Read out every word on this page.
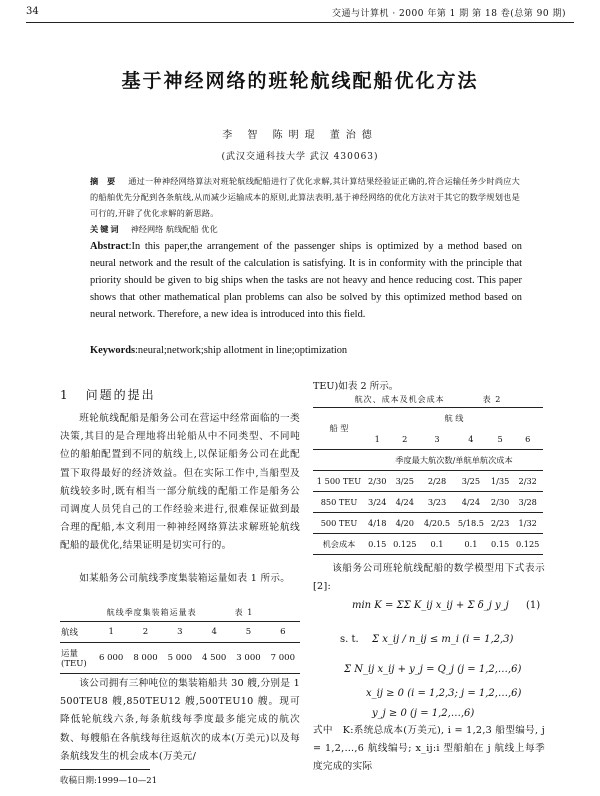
34	交通与计算机 · 2000 年第 1 期 第 18 卷(总第 90 期)
基于神经网络的班轮航线配船优化方法
李 智 陈明琨 董治德
(武汉交通科技大学 武汉 430063)
摘 要 通过一种神经网络算法对班轮航线配船进行了优化求解,其计算结果经验证正确的,符合运输任务少时尚应大的船舶优先分配到各条航线,从而减少运输成本的原则,此算法表明,基于神经网络的优化方法对于其它的数学规划也是可行的,开辟了优化求解的新思路。
关键词 神经网络 航线配船 优化
Abstract:In this paper,the arrangement of the passenger ships is optimized by a method based on neural network and the result of the calculation is satisfying. It is in conformity with the principle that priority should be given to big ships when the tasks are not heavy and hence reducing cost. This paper shows that other mathematical plan problems can also be solved by this optimized method based on neural network. Therefore, a new idea is introduced into this field.
Keywords:neural;network;ship allotment in line;optimization
1 问题的提出
班轮航线配船是船务公司在营运中经常面临的一类决策,其目的是合理地将出轮船从中不同类型、不同吨位的船舶配置到不同的航线上,以保证船务公司在此配置下取得最好的经济效益。但在实际工作中,当船型及航线较多时,既有相当一部分航线的配船工作是船务公司调度人员凭自己的工作经验来进行,很难保证做到最合理的配船,本文利用一种神经网络算法求解班轮航线配船的最优化,结果证明是切实可行的。
如某船务公司航线季度集装箱运量如表 1 所示。
航线季度集装箱运量表	表 1
航线	1	2	3	4	5	6
运量 (TEU)	6 000	8 000	5 000	4 500	3 000	7 000
该公司拥有三种吨位的集装箱船共 30 艘,分别是 1 500TEU8 艘,850TEU12 艘,500TEU10 艘。现可降低轮航线六条,每条航线每季度最多能完成的航次数、每艘船在各航线每往返航次的成本(万美元)以及每条航线发生的机会成本(万美元/
收稿日期:1999—10—21
TEU)如表 2 所示。
航次、成本及机会成本	表 2
船 型	航 线					
	1	2	3	4	5	6
	季度最大航次数/单航单航次成本					
1 500 TEU	2/30	3/25	2/28	3/25	1/35	2/32
850 TEU	3/24	4/24	3/23	4/24	2/30	3/28
500 TEU	4/18	4/20	4/20.5	5/18.5	2/23	1/32
机会成本	0.15	0.125	0.1	0.1	0.15	0.125
该船务公司班轮航线配船的数学模型用下式表示[2]:
min K = ΣΣ K_ij x_ij + Σ δ_j y_j (1)
s. t. Σ x_ij / n_ij ≤ m_i (i = 1,2,3)
Σ N_ij x_ij + y_j = Q_j (j = 1,2,…,6)
x_ij ≥ 0 (i = 1,2,3; j = 1,2,…,6)
y_j ≥ 0 (j = 1,2,…,6)
式中 K:系统总成本(万美元), i = 1,2,3 船型编号, j = 1,2,…,6 航线编号; x_ij:i 型船舶在 j 航线上每季度完成的实际
